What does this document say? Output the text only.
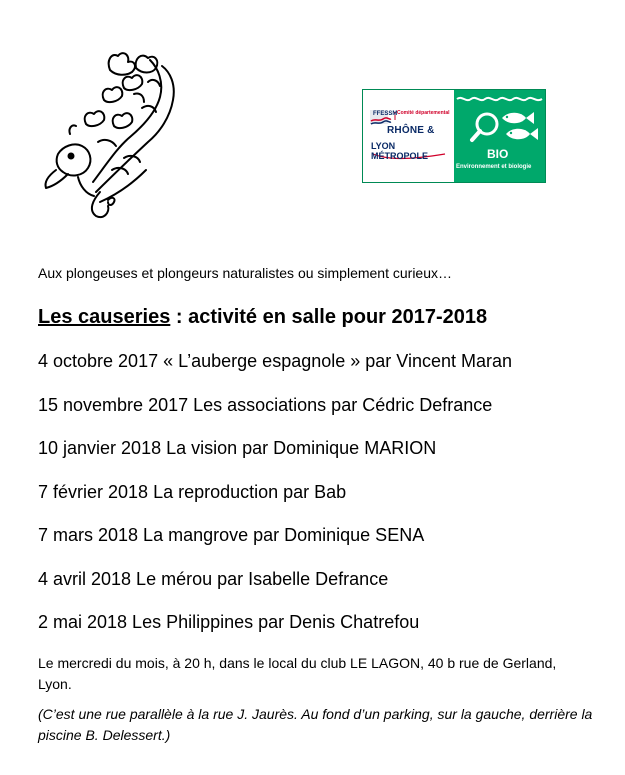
FFESSM Comité départemental
RHÔNE &
LYON MÉTROPOLE	BIO
Environnement et biologie
Aux plongeuses et plongeurs naturalistes ou simplement curieux…
Les causeries : activité en salle pour 2017-2018
4 octobre 2017 « L’auberge espagnole » par Vincent Maran
15 novembre 2017 Les associations par Cédric Defrance
10 janvier 2018 La vision par Dominique MARION
7 février 2018 La reproduction par Bab
7 mars 2018 La mangrove par Dominique SENA
4 avril 2018 Le mérou par Isabelle Defrance
2 mai 2018 Les Philippines par Denis Chatrefou

Le mercredi du mois, à 20 h, dans le local du club LE LAGON, 40 b rue de Gerland, Lyon.

(C’est une rue parallèle à la rue J. Jaurès. Au fond d’un parking, sur la gauche, derrière la piscine B. Delessert.)
